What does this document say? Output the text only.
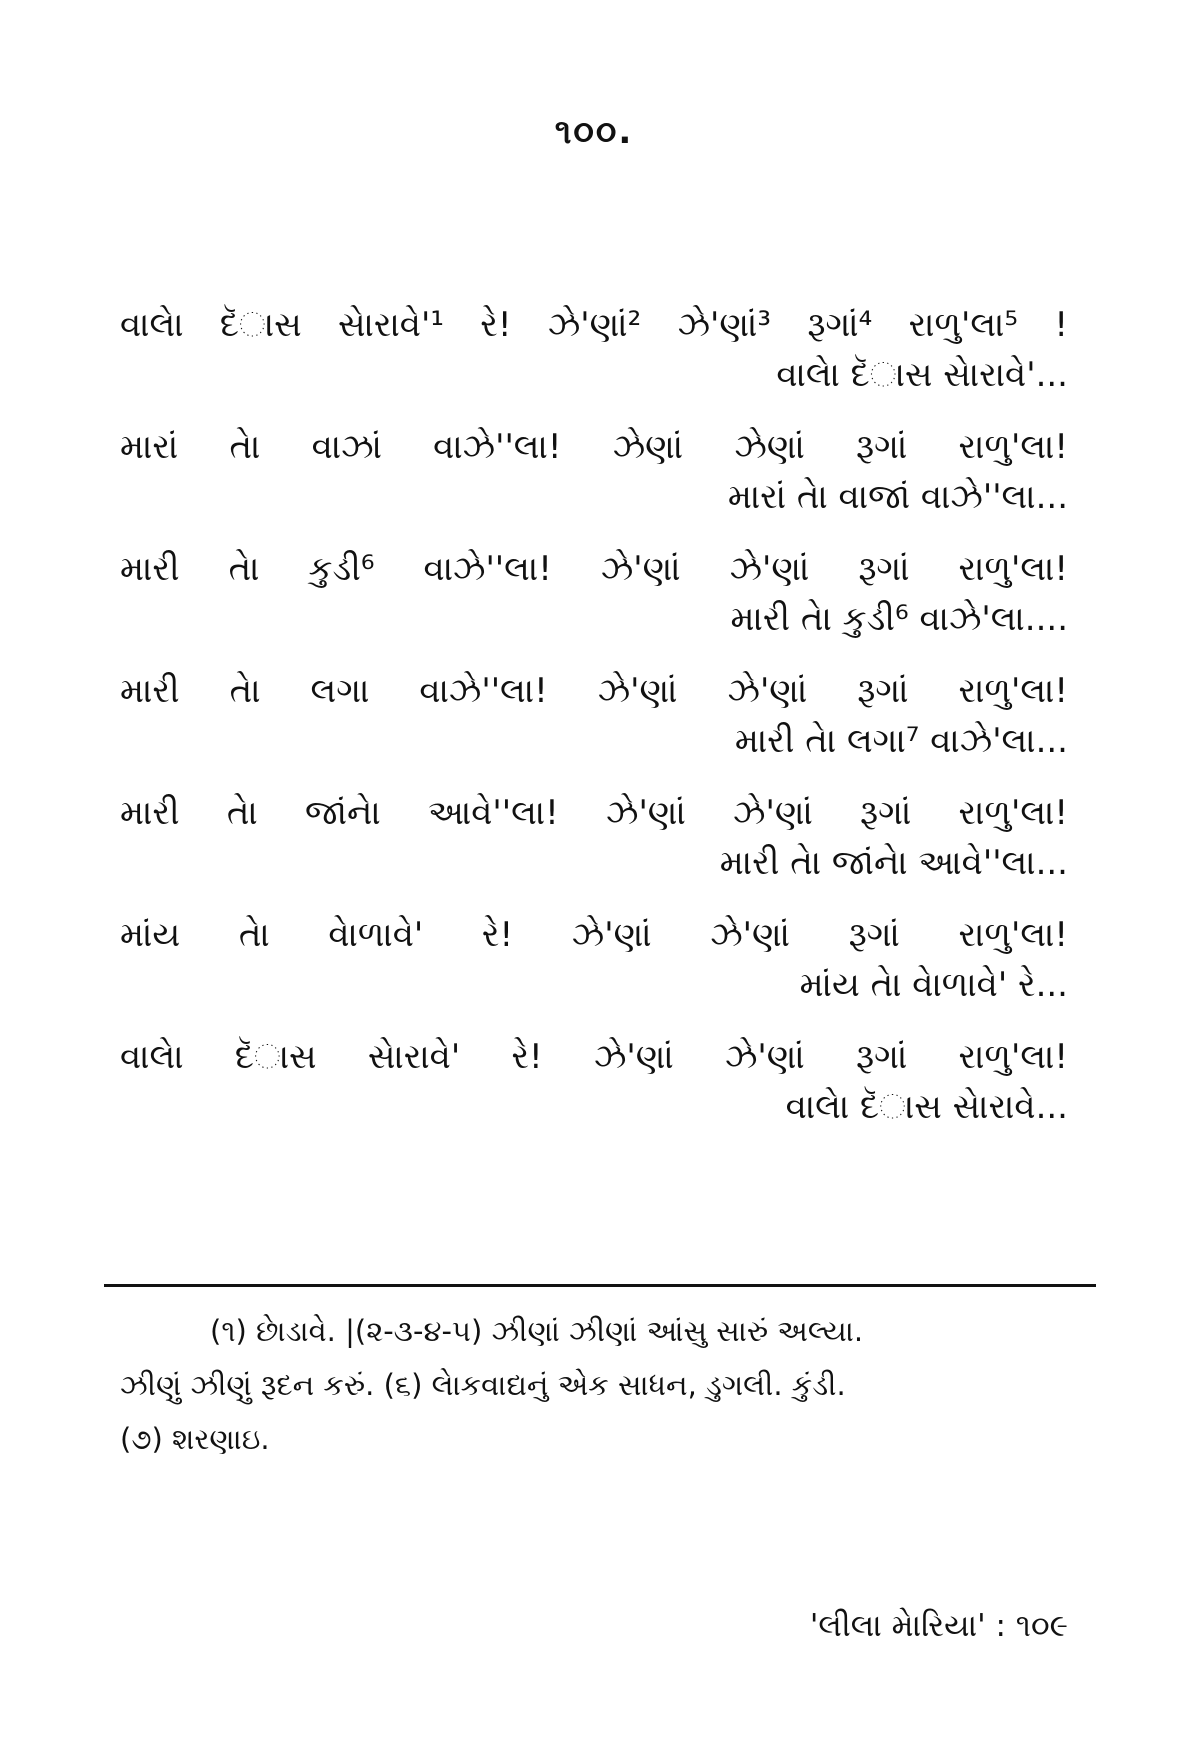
૧૦૦.
વાલેા દૅાસ સેારાવે'¹ રે! ઝે'ણાં² ઝે'ણાં³ રૂગાં⁴ રાળુ'લા⁵ !
વાલેા દૅાસ સેારાવે'...
મારાં તેા વાઝાં વાઝે''લા! ઝેણાં ઝેણાં રૂગાં રાળુ'લા!
મારાં તેા વાજાં વાઝે''લા...
મારી તેા કુડી⁶ વાઝે''લા! ઝે'ણાં ઝે'ણાં રૂગાં રાળુ'લા!
મારી તેા કુડી⁶ વાઝે'લા....
મારી તેા લગા વાઝે''લા! ઝે'ણાં ઝે'ણાં રૂગાં રાળુ'લા!
મારી તેા લગા⁷ વાઝે'લા...
મારી તેા જાંનેા આવે''લા! ઝે'ણાં ઝે'ણાં રૂગાં રાળુ'લા!
મારી તેા જાંનેા આવે''લા...
માંય તેા વેાળાવે' રે! ઝે'ણાં ઝે'ણાં રૂગાં રાળુ'લા!
માંય તેા વેાળાવે' રે...
વાલેા દૅાસ સેારાવે' રે! ઝે'ણાં ઝે'ણાં રૂગાં રાળુ'લા!
વાલેા દૅાસ સેારાવે...
(૧) છેાડાવે. |(૨-૩-૪-૫) ઝીણાં ઝીણાં આંસુ સારું અલ્યા.
ઝીણું ઝીણું રૂદન કરું. (૬) લેાકવાદ્યનું એક સાધન, ડુગલી. કુંડી.
(૭) શરણાઇ.
'લીલા મેારિયા' : ૧૦૯
